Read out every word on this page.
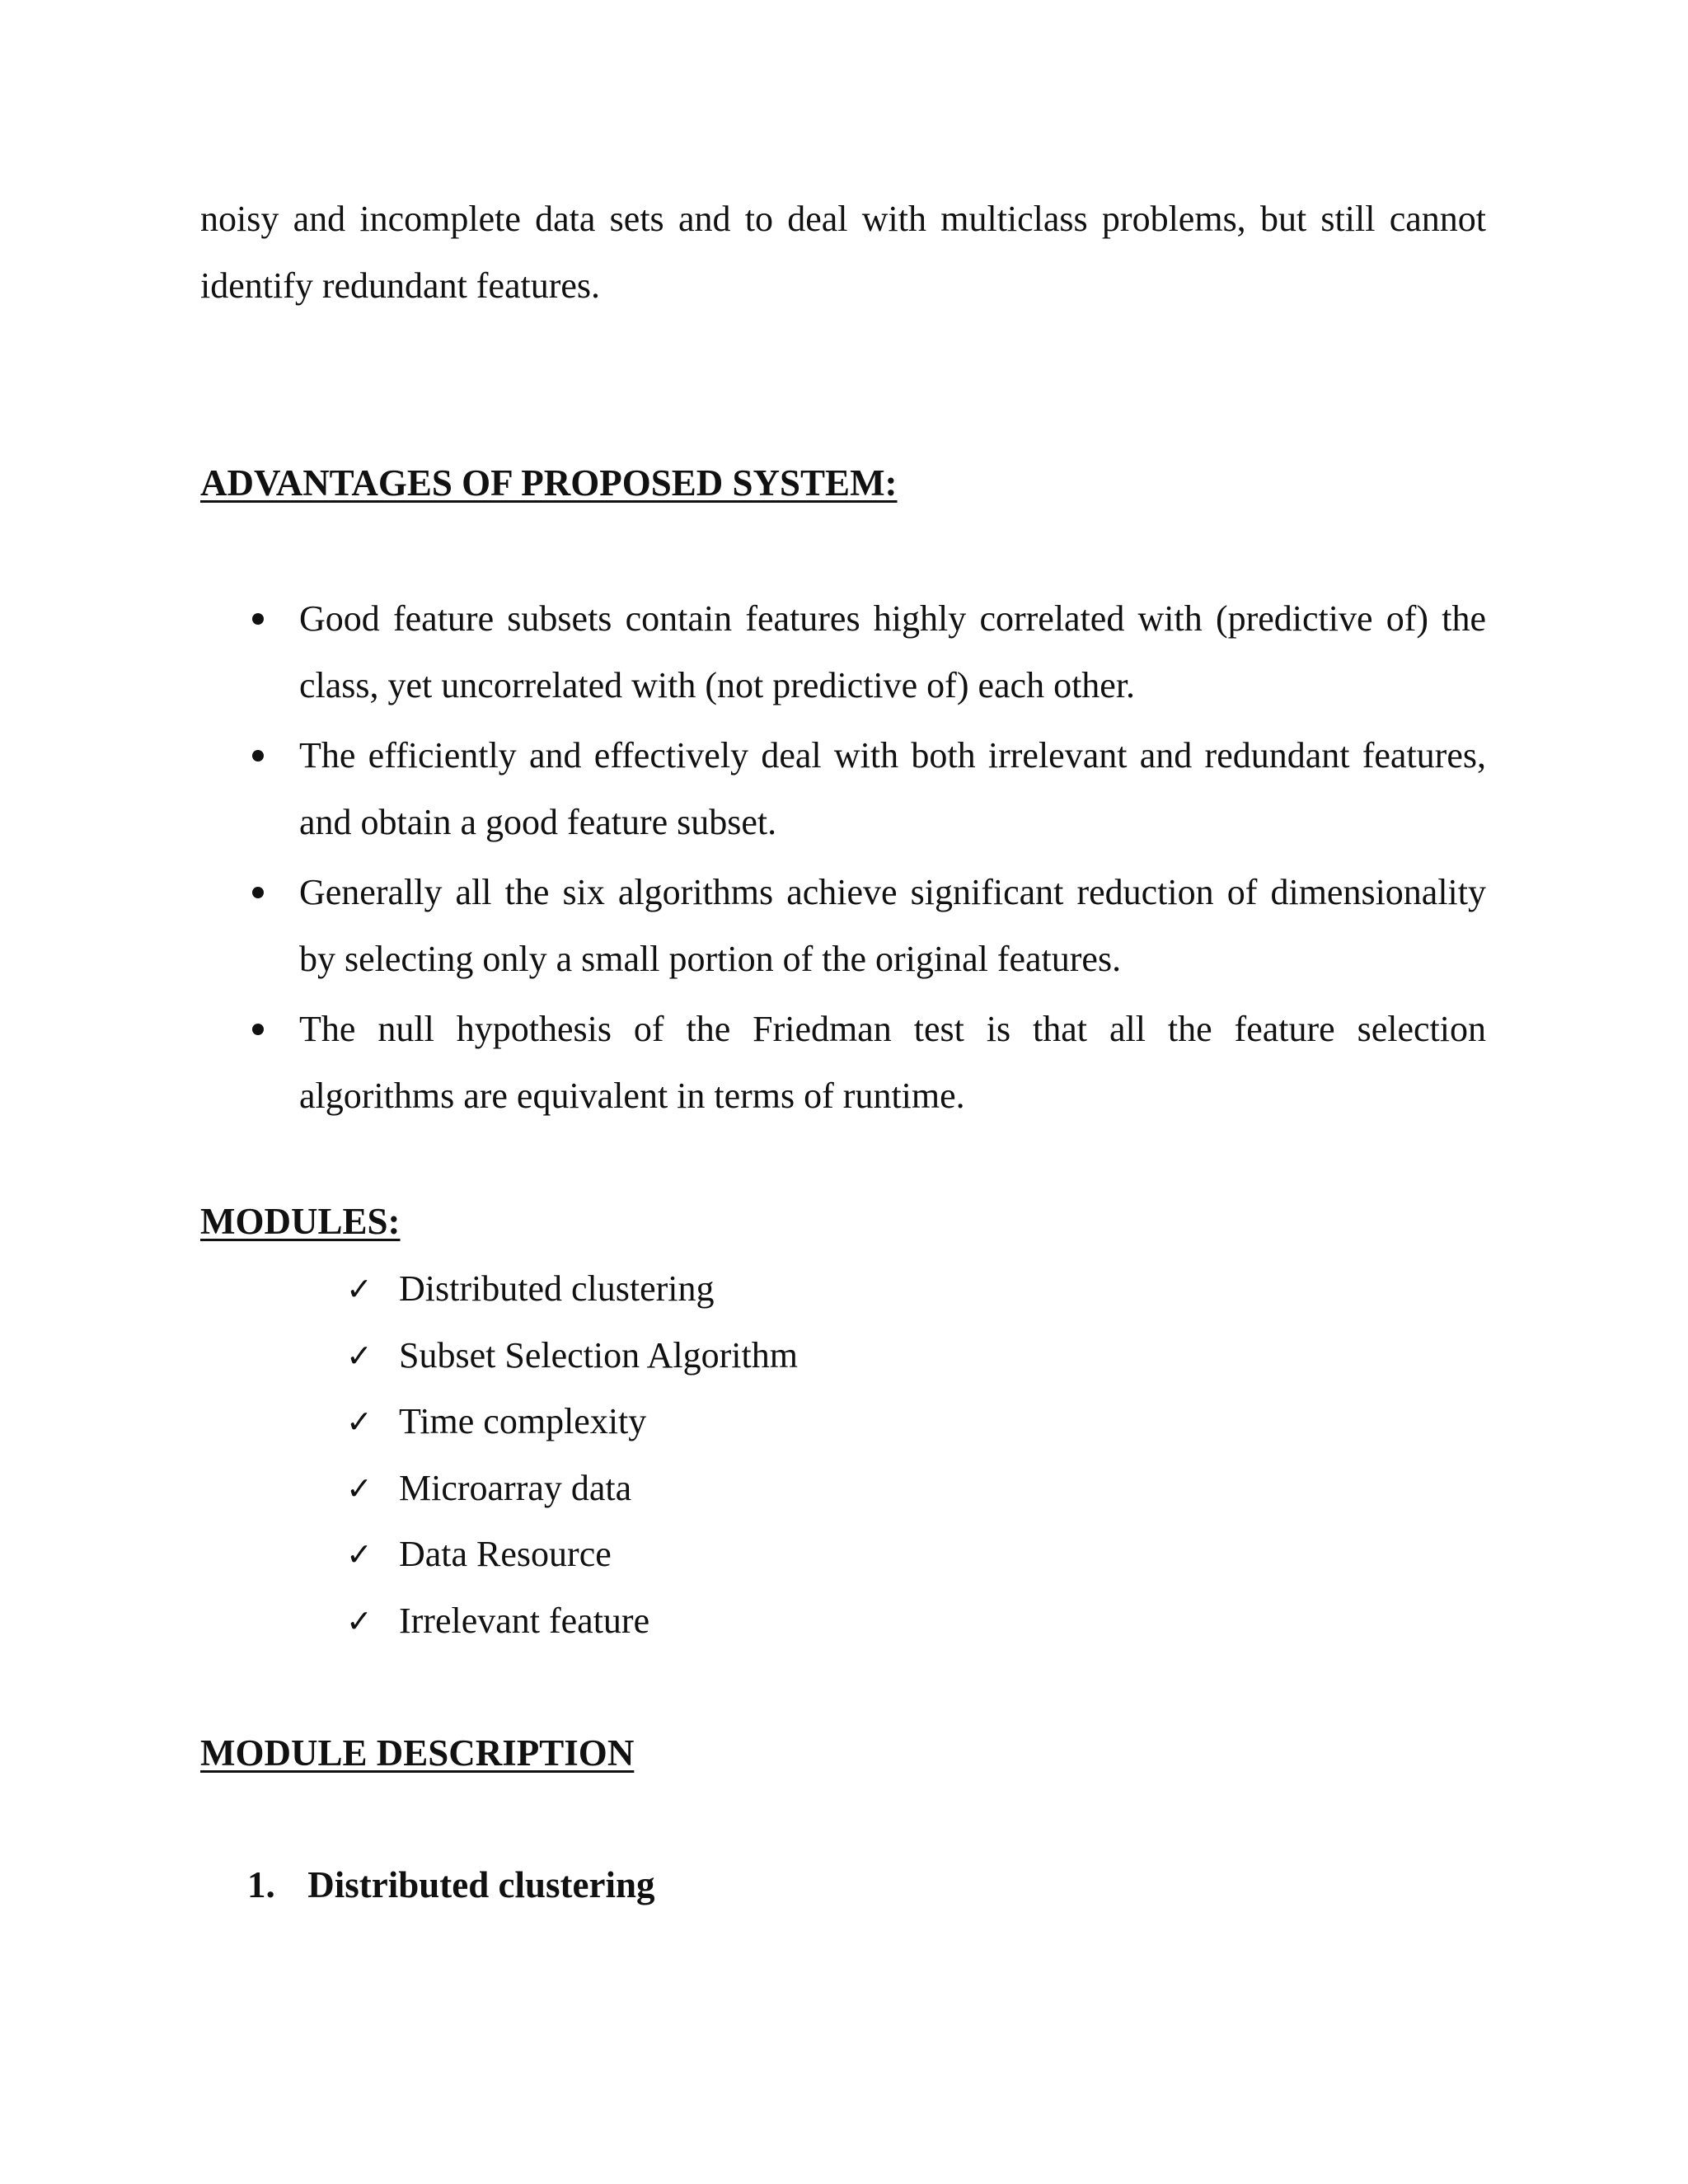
noisy and incomplete data sets and to deal with multiclass problems, but still cannot identify redundant features.

ADVANTAGES OF PROPOSED SYSTEM:
Good feature subsets contain features highly correlated with (predictive of) the class, yet uncorrelated with (not predictive of) each other.
The efficiently and effectively deal with both irrelevant and redundant features, and obtain a good feature subset.
Generally all the six algorithms achieve significant reduction of dimensionality by selecting only a small portion of the original features.
The null hypothesis of the Friedman test is that all the feature selection algorithms are equivalent in terms of runtime.
MODULES:
✓ Distributed clustering
✓ Subset Selection Algorithm
✓ Time complexity
✓ Microarray data
✓ Data Resource
✓ Irrelevant feature
MODULE DESCRIPTION
1. Distributed clustering
